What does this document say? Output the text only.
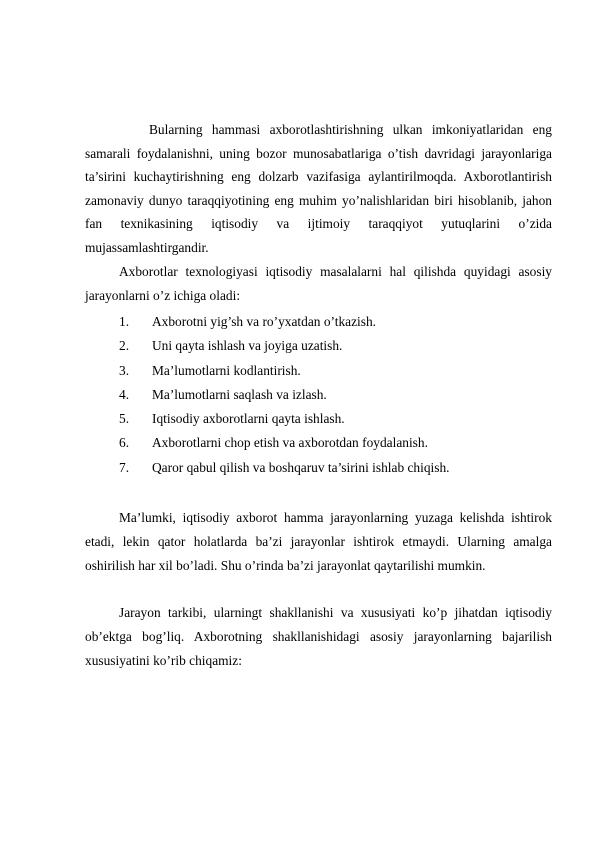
Bularning hammasi axborotlashtirishning ulkan imkoniyatlaridan eng samarali foydalanishni, uning bozor munosabatlariga o’tish davridagi jarayonlariga ta’sirini kuchaytirishning eng dolzarb vazifasiga aylantirilmoqda. Axborotlantirish zamonaviy dunyo taraqqiyotining eng muhim yo’nalishlaridan biri hisoblanib, jahon fan texnikasining iqtisodiy va ijtimoiy taraqqiyot yutuqlarini o’zida mujassamlashtirgandir.

Axborotlar texnologiyasi iqtisodiy masalalarni hal qilishda quyidagi asosiy jarayonlarni o’z ichiga oladi:

1. Axborotni yig’sh va ro’yxatdan o’tkazish.
2. Uni qayta ishlash va joyiga uzatish.
3. Ma’lumotlarni kodlantirish.
4. Ma’lumotlarni saqlash va izlash.
5. Iqtisodiy axborotlarni qayta ishlash.
6. Axborotlarni chop etish va axborotdan foydalanish.
7. Qaror qabul qilish va boshqaruv ta’sirini ishlab chiqish.

Ma’lumki, iqtisodiy axborot hamma jarayonlarning yuzaga kelishda ishtirok etadi, lekin qator holatlarda ba’zi jarayonlar ishtirok etmaydi. Ularning amalga oshirilish har xil bo’ladi. Shu o’rinda ba’zi jarayonlat qaytarilishi mumkin.

Jarayon tarkibi, ularningt shakllanishi va xususiyati ko’p jihatdan iqtisodiy ob’ektga bog’liq. Axborotning shakllanishidagi asosiy jarayonlarning bajarilish xususiyatini ko’rib chiqamiz:
